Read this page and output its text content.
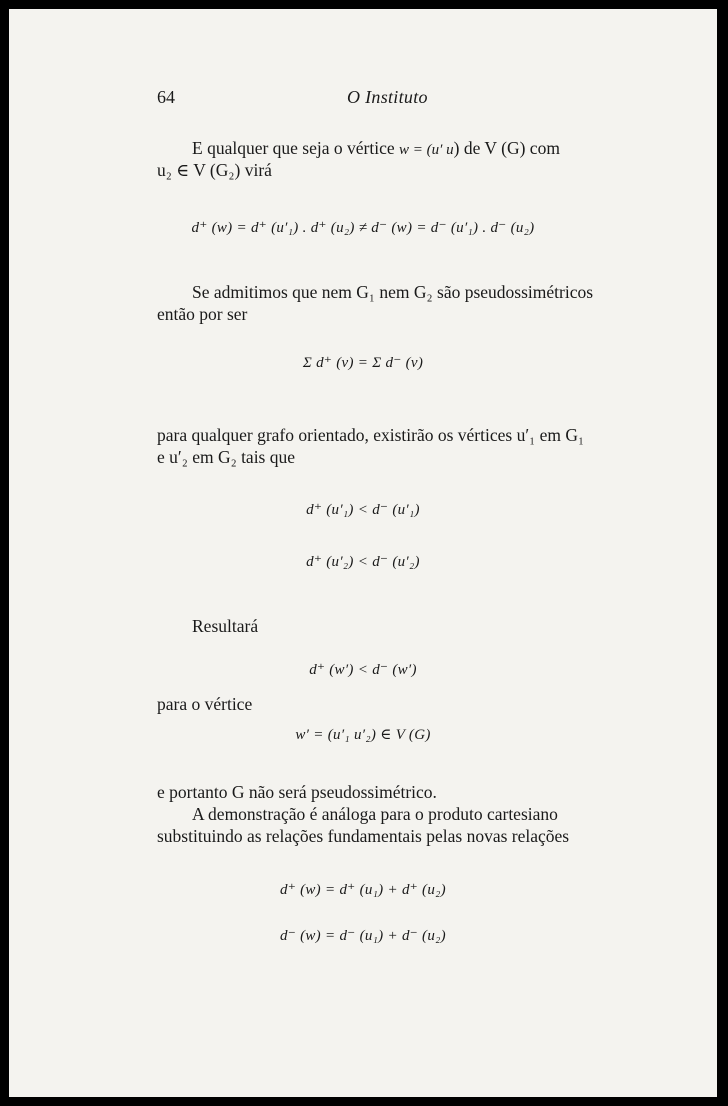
64	O Instituto

E qualquer que seja o vértice w = (u′ u) de V (G) com

u₂ ∈ V (G₂) virá

d⁺ (w) = d⁺ (u′₁) . d⁺ (u₂) ≠ d⁻ (w) = d⁻ (u′₁) . d⁻ (u₂)

Se admitimos que nem G₁ nem G₂ são pseudossimétricos

então por ser

Σ d⁺ (v) = Σ d⁻ (v)

para qualquer grafo orientado, existirão os vértices u′₁ em G₁

e u′₂ em G₂ tais que

d⁺ (u′₁) < d⁻ (u′₁)

d⁺ (u′₂) < d⁻ (u′₂)

Resultará

d⁺ (w′) < d⁻ (w′)

para o vértice

w′ = (u′₁ u′₂) ∈ V (G)

e portanto G não será pseudossimétrico.

A demonstração é análoga para o produto cartesiano

substituindo as relações fundamentais pelas novas relações

d⁺ (w) = d⁺ (u₁) + d⁺ (u₂)

d⁻ (w) = d⁻ (u₁) + d⁻ (u₂)
